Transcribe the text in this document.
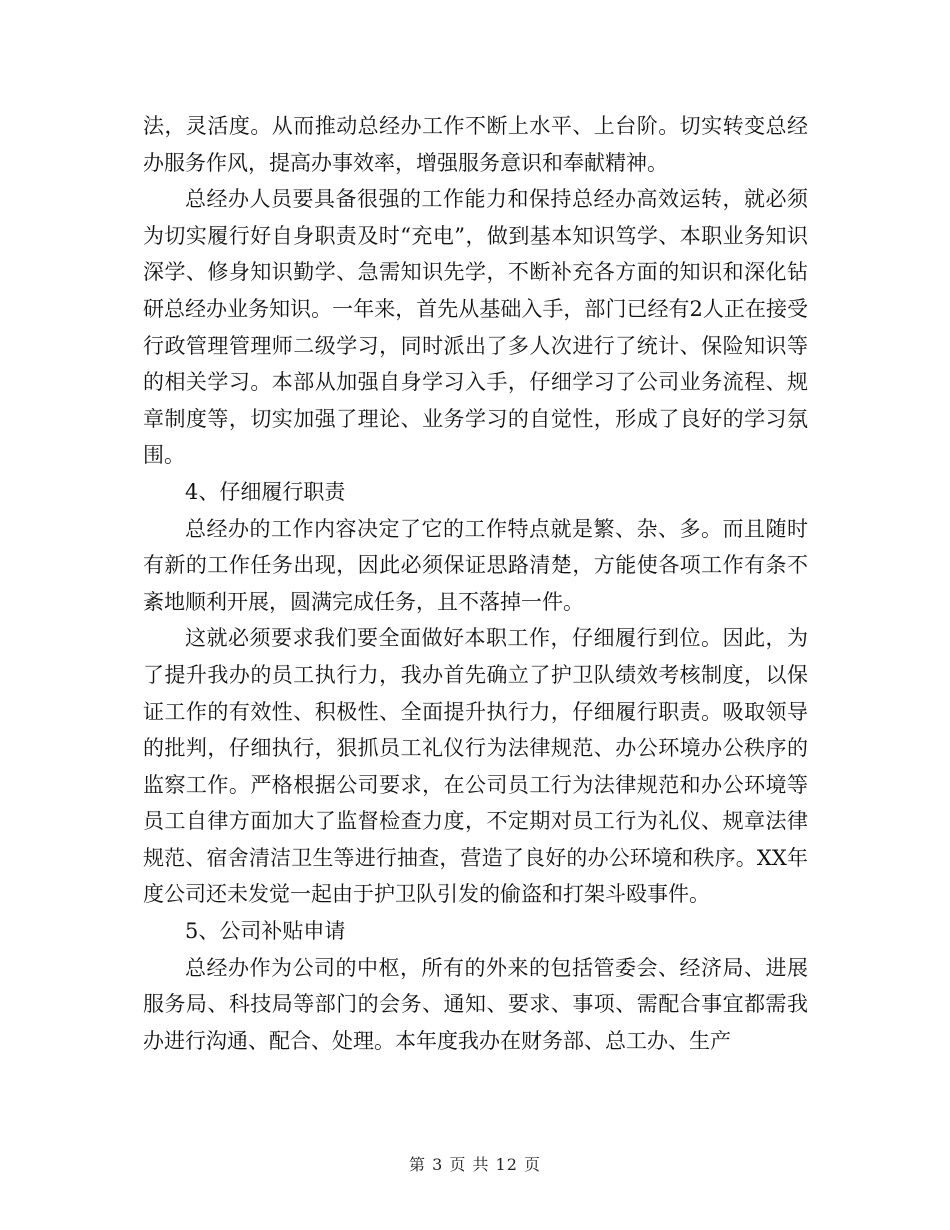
法，灵活度。从而推动总经办工作不断上水平、上台阶。切实转变总经办服务作风，提高办事效率，增强服务意识和奉献精神。

总经办人员要具备很强的工作能力和保持总经办高效运转，就必须为切实履行好自身职责及时“充电”，做到基本知识笃学、本职业务知识深学、修身知识勤学、急需知识先学，不断补充各方面的知识和深化钻研总经办业务知识。一年来，首先从基础入手，部门已经有2人正在接受行政管理管理师二级学习，同时派出了多人次进行了统计、保险知识等的相关学习。本部从加强自身学习入手，仔细学习了公司业务流程、规章制度等，切实加强了理论、业务学习的自觉性，形成了良好的学习氛围。

4、仔细履行职责

总经办的工作内容决定了它的工作特点就是繁、杂、多。而且随时有新的工作任务出现，因此必须保证思路清楚，方能使各项工作有条不紊地顺利开展，圆满完成任务，且不落掉一件。

这就必须要求我们要全面做好本职工作，仔细履行到位。因此，为了提升我办的员工执行力，我办首先确立了护卫队绩效考核制度，以保证工作的有效性、积极性、全面提升执行力，仔细履行职责。吸取领导的批判，仔细执行，狠抓员工礼仪行为法律规范、办公环境办公秩序的监察工作。严格根据公司要求，在公司员工行为法律规范和办公环境等员工自律方面加大了监督检查力度，不定期对员工行为礼仪、规章法律规范、宿舍清洁卫生等进行抽查，营造了良好的办公环境和秩序。XX年度公司还未发觉一起由于护卫队引发的偷盗和打架斗殴事件。

5、公司补贴申请

总经办作为公司的中枢，所有的外来的包括管委会、经济局、进展服务局、科技局等部门的会务、通知、要求、事项、需配合事宜都需我办进行沟通、配合、处理。本年度我办在财务部、总工办、生产

第 3 页 共 12 页
